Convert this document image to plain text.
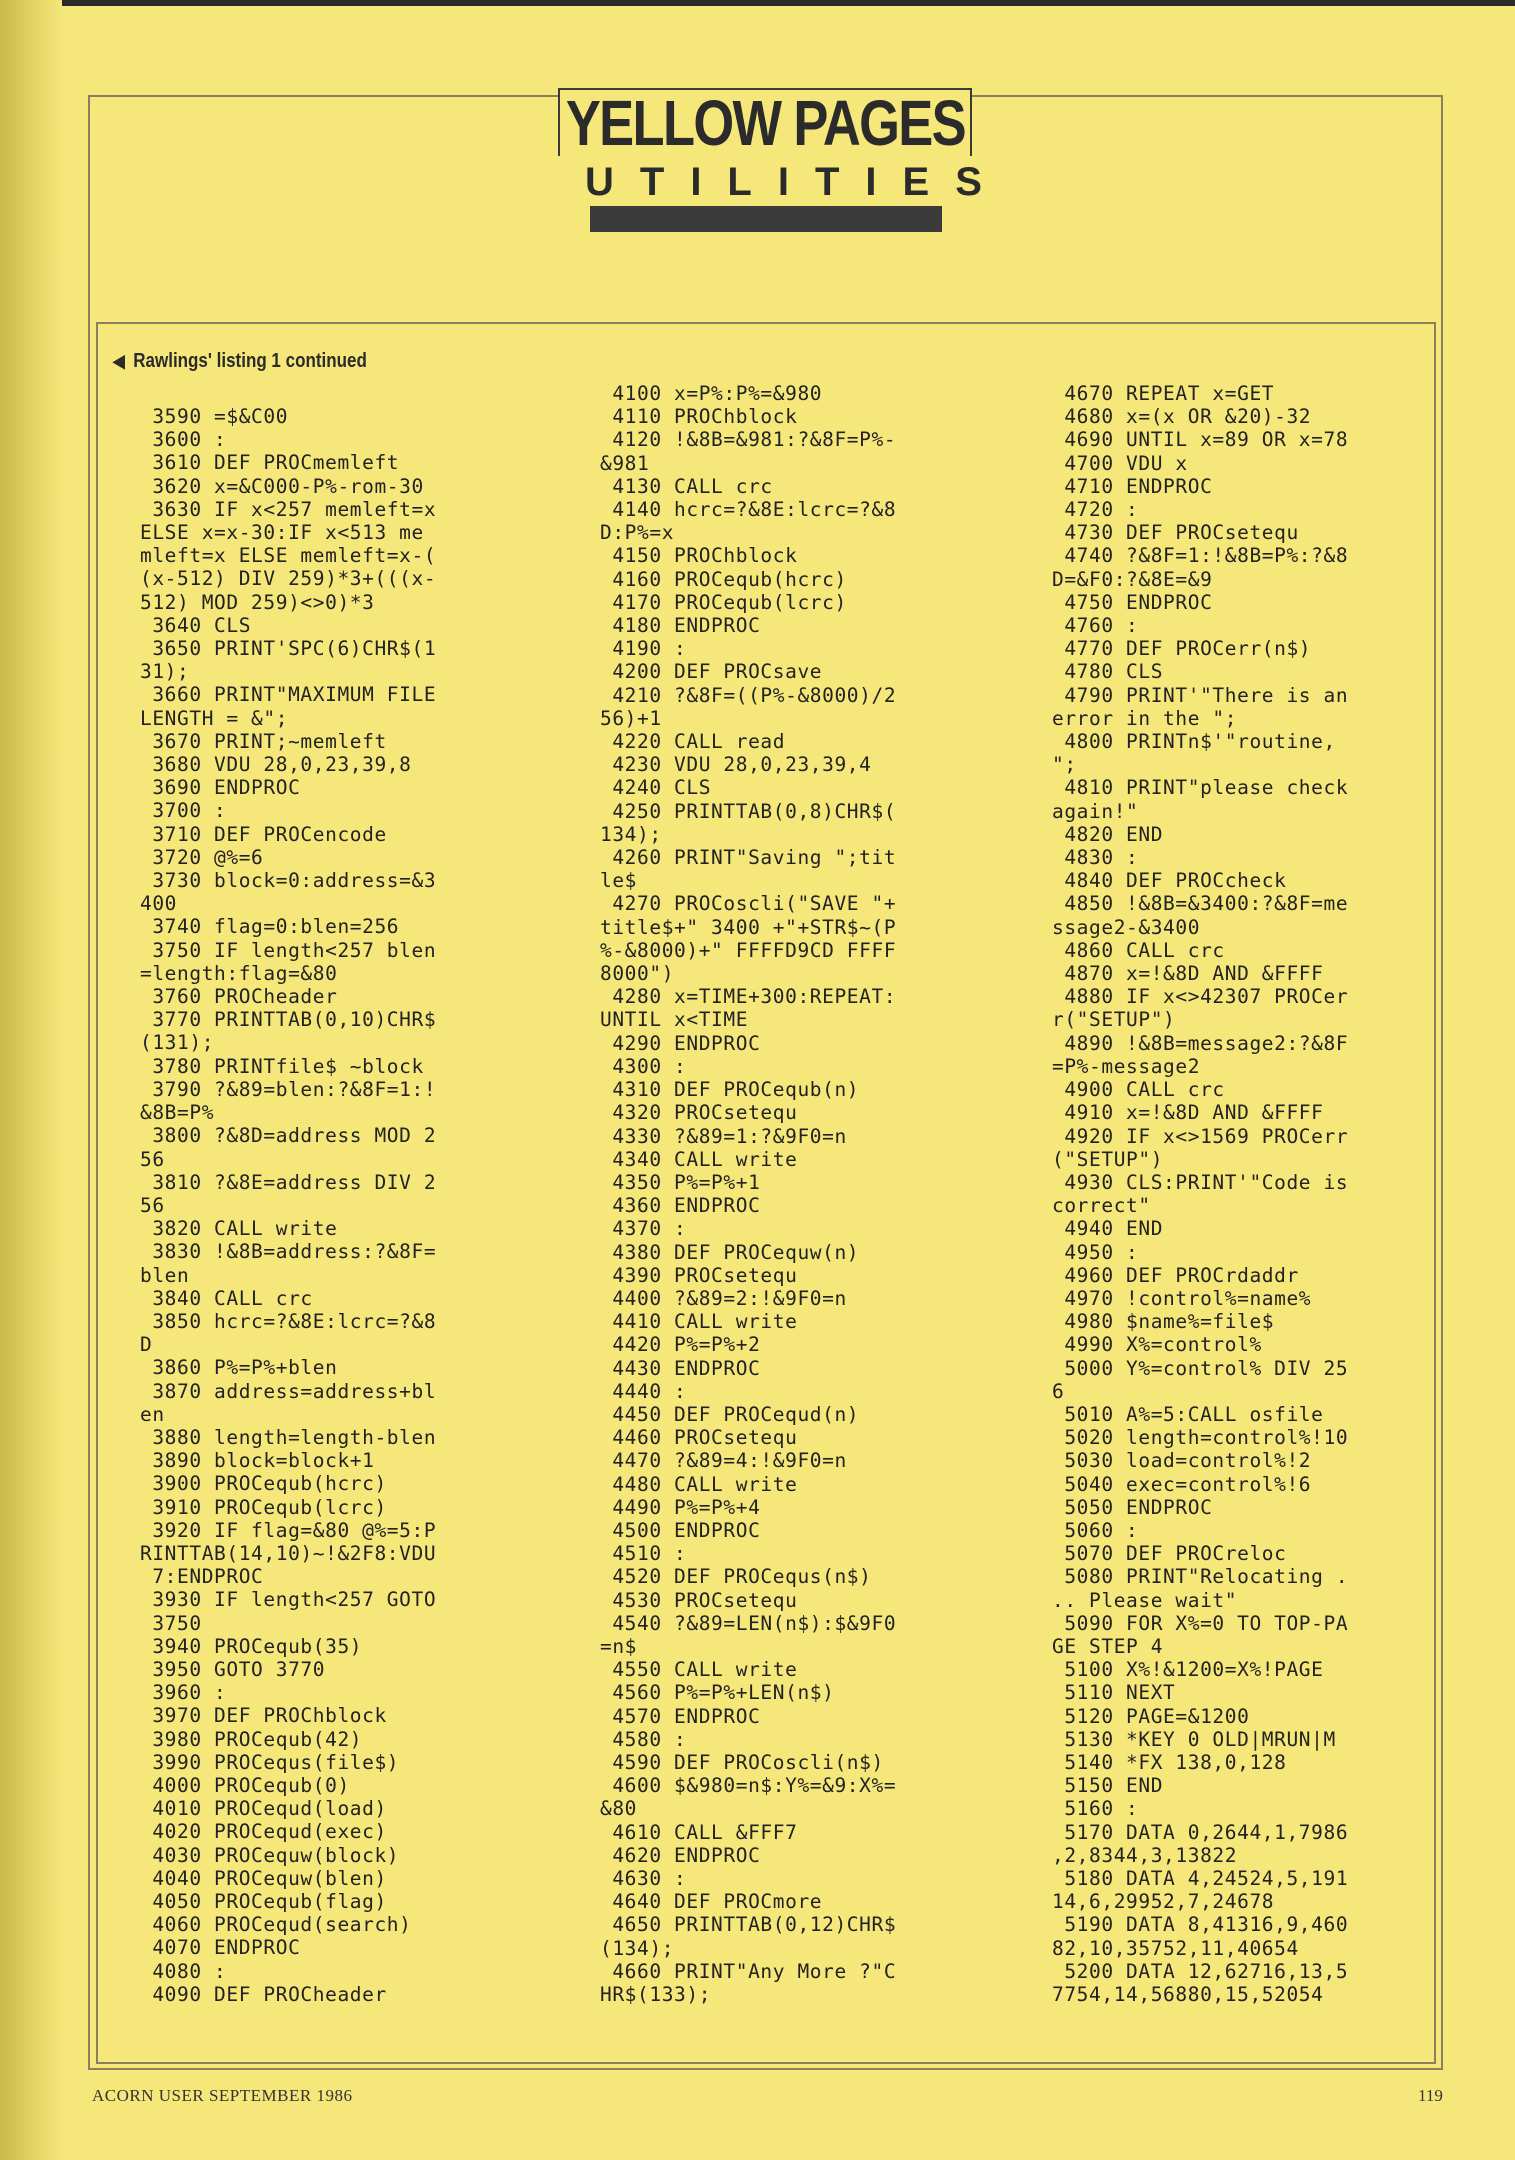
YELLOW PAGES
UTILITIES
◀ Rawlings' listing 1 continued
3590 =$&C00
3600 :
3610 DEF PROCmemleft
3620 x=&C000-P%-rom-30
3630 IF x<257 memleft=x
ELSE x=x-30:IF x<513 me
mleft=x ELSE memleft=x-(
(x-512) DIV 259)*3+(((x-
512) MOD 259)<>0)*3
3640 CLS
3650 PRINT'SPC(6)CHR$(1
31);
3660 PRINT"MAXIMUM FILE
LENGTH = &";
3670 PRINT;~memleft
3680 VDU 28,0,23,39,8
3690 ENDPROC
3700 :
3710 DEF PROCencode
3720 @%=6
3730 block=0:address=&3
400
3740 flag=0:blen=256
3750 IF length<257 blen
=length:flag=&80
3760 PROCheader
3770 PRINTTAB(0,10)CHR$
(131);
3780 PRINTfile$ ~block
3790 ?&89=blen:?&8F=1:!
&8B=P%
3800 ?&8D=address MOD 2
56
3810 ?&8E=address DIV 2
56
3820 CALL write
3830 !&8B=address:?&8F=
blen
3840 CALL crc
3850 hcrc=?&8E:lcrc=?&8
D
3860 P%=P%+blen
3870 address=address+bl
en
3880 length=length-blen
3890 block=block+1
3900 PROCequb(hcrc)
3910 PROCequb(lcrc)
3920 IF flag=&80 @%=5:P
RINTTAB(14,10)~!&2F8:VDU
7:ENDPROC
3930 IF length<257 GOTO
3750
3940 PROCequb(35)
3950 GOTO 3770
3960 :
3970 DEF PROChblock
3980 PROCequb(42)
3990 PROCequs(file$)
4000 PROCequb(0)
4010 PROCequd(load)
4020 PROCequd(exec)
4030 PROCequw(block)
4040 PROCequw(blen)
4050 PROCequb(flag)
4060 PROCequd(search)
4070 ENDPROC
4080 :
4090 DEF PROCheader
4100 x=P%:P%=&980
4110 PROChblock
4120 !&8B=&981:?&8F=P%-
&981
4130 CALL crc
4140 hcrc=?&8E:lcrc=?&8
D:P%=x
4150 PROChblock
4160 PROCequb(hcrc)
4170 PROCequb(lcrc)
4180 ENDPROC
4190 :
4200 DEF PROCsave
4210 ?&8F=((P%-&8000)/2
56)+1
4220 CALL read
4230 VDU 28,0,23,39,4
4240 CLS
4250 PRINTTAB(0,8)CHR$(
134);
4260 PRINT"Saving ";tit
le$
4270 PROCoscli("SAVE "+
title$+" 3400 +"+STR$~(P
%-&8000)+" FFFFD9CD FFFF
8000")
4280 x=TIME+300:REPEAT:
UNTIL x<TIME
4290 ENDPROC
4300 :
4310 DEF PROCequb(n)
4320 PROCsetequ
4330 ?&89=1:?&9F0=n
4340 CALL write
4350 P%=P%+1
4360 ENDPROC
4370 :
4380 DEF PROCequw(n)
4390 PROCsetequ
4400 ?&89=2:!&9F0=n
4410 CALL write
4420 P%=P%+2
4430 ENDPROC
4440 :
4450 DEF PROCequd(n)
4460 PROCsetequ
4470 ?&89=4:!&9F0=n
4480 CALL write
4490 P%=P%+4
4500 ENDPROC
4510 :
4520 DEF PROCequs(n$)
4530 PROCsetequ
4540 ?&89=LEN(n$):$&9F0
=n$
4550 CALL write
4560 P%=P%+LEN(n$)
4570 ENDPROC
4580 :
4590 DEF PROCoscli(n$)
4600 $&980=n$:Y%=&9:X%=
&80
4610 CALL &FFF7
4620 ENDPROC
4630 :
4640 DEF PROCmore
4650 PRINTTAB(0,12)CHR$
(134);
4660 PRINT"Any More ?"C
HR$(133);
4670 REPEAT x=GET
4680 x=(x OR &20)-32
4690 UNTIL x=89 OR x=78
4700 VDU x
4710 ENDPROC
4720 :
4730 DEF PROCsetequ
4740 ?&8F=1:!&8B=P%:?&8
D=&F0:?&8E=&9
4750 ENDPROC
4760 :
4770 DEF PROCerr(n$)
4780 CLS
4790 PRINT'"There is an
error in the ";
4800 PRINTn$'"routine,
";
4810 PRINT"please check
again!"
4820 END
4830 :
4840 DEF PROCcheck
4850 !&8B=&3400:?&8F=me
ssage2-&3400
4860 CALL crc
4870 x=!&8D AND &FFFF
4880 IF x<>42307 PROCer
r("SETUP")
4890 !&8B=message2:?&8F
=P%-message2
4900 CALL crc
4910 x=!&8D AND &FFFF
4920 IF x<>1569 PROCerr
("SETUP")
4930 CLS:PRINT'"Code is
correct"
4940 END
4950 :
4960 DEF PROCrdaddr
4970 !control%=name%
4980 $name%=file$
4990 X%=control%
5000 Y%=control% DIV 25
6
5010 A%=5:CALL osfile
5020 length=control%!10
5030 load=control%!2
5040 exec=control%!6
5050 ENDPROC
5060 :
5070 DEF PROCreloc
5080 PRINT"Relocating .
.. Please wait"
5090 FOR X%=0 TO TOP-PA
GE STEP 4
5100 X%!&1200=X%!PAGE
5110 NEXT
5120 PAGE=&1200
5130 *KEY 0 OLD|MRUN|M
5140 *FX 138,0,128
5150 END
5160 :
5170 DATA 0,2644,1,7986
,2,8344,3,13822
5180 DATA 4,24524,5,191
14,6,29952,7,24678
5190 DATA 8,41316,9,460
82,10,35752,11,40654
5200 DATA 12,62716,13,5
7754,14,56880,15,52054
ACORN USER SEPTEMBER 1986	119
